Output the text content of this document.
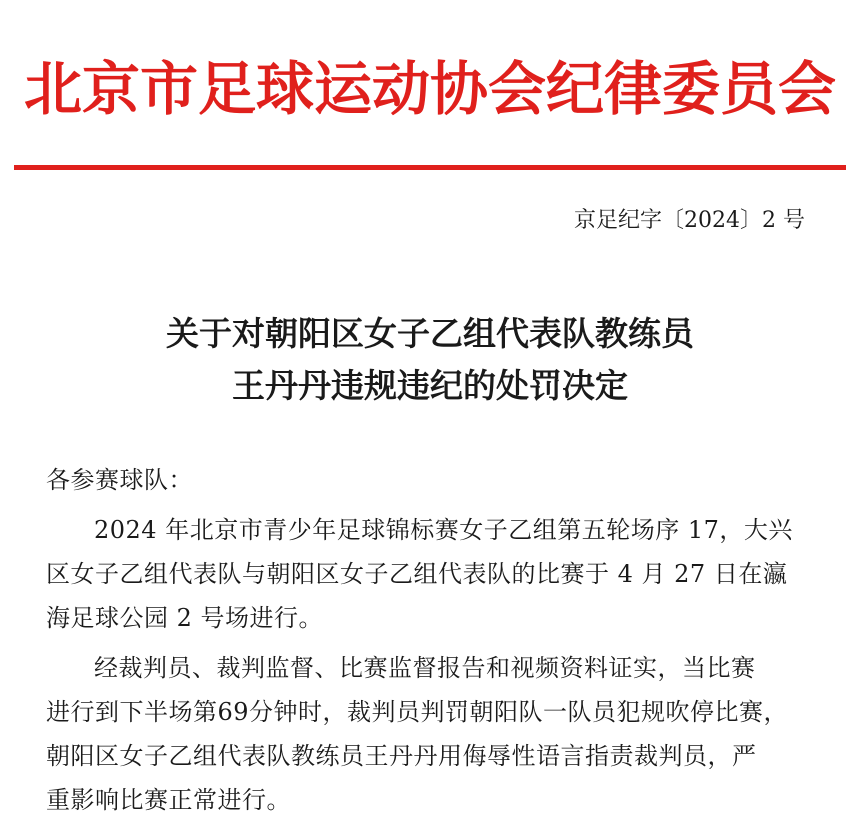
北京市足球运动协会纪律委员会
京足纪字〔2024〕2 号
关于对朝阳区女子乙组代表队教练员
王丹丹违规违纪的处罚决定
各参赛球队：
2024 年北京市青少年足球锦标赛女子乙组第五轮场序 17，大兴
区女子乙组代表队与朝阳区女子乙组代表队的比赛于 4 月 27 日在瀛
海足球公园 2 号场进行。
经裁判员、裁判监督、比赛监督报告和视频资料证实，当比赛
进行到下半场第69分钟时，裁判员判罚朝阳队一队员犯规吹停比赛，
朝阳区女子乙组代表队教练员王丹丹用侮辱性语言指责裁判员，严
重影响比赛正常进行。
